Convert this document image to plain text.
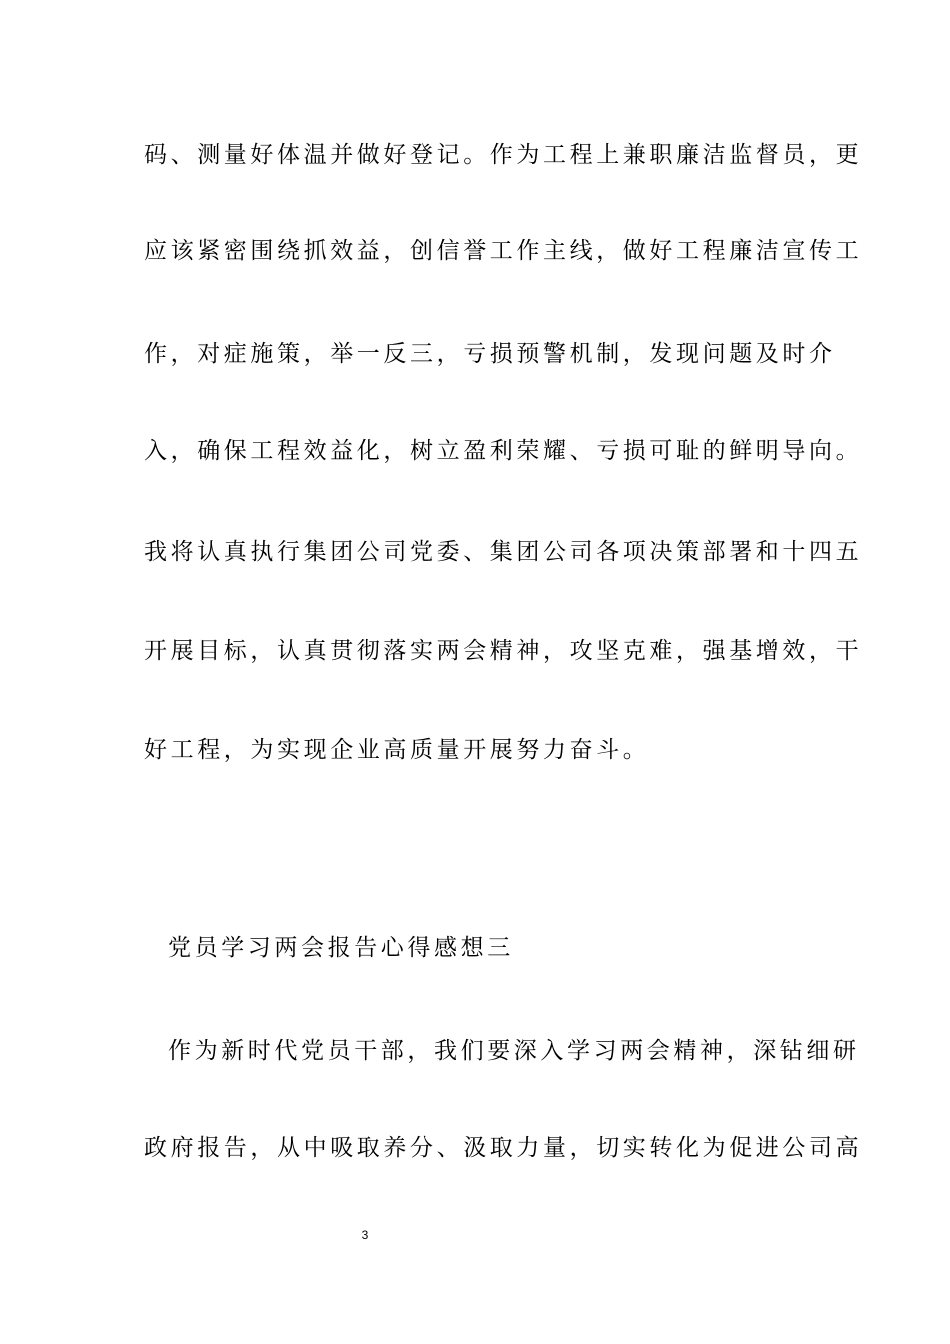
码、测量好体温并做好登记。作为工程上兼职廉洁监督员，更
应该紧密围绕抓效益，创信誉工作主线，做好工程廉洁宣传工
作，对症施策，举一反三，亏损预警机制，发现问题及时介
入，确保工程效益化，树立盈利荣耀、亏损可耻的鲜明导向。
我将认真执行集团公司党委、集团公司各项决策部署和十四五
开展目标，认真贯彻落实两会精神，攻坚克难，强基增效，干
好工程，为实现企业高质量开展努力奋斗。
党员学习两会报告心得感想三
作为新时代党员干部，我们要深入学习两会精神，深钻细研
政府报告，从中吸取养分、汲取力量，切实转化为促进公司高
3
